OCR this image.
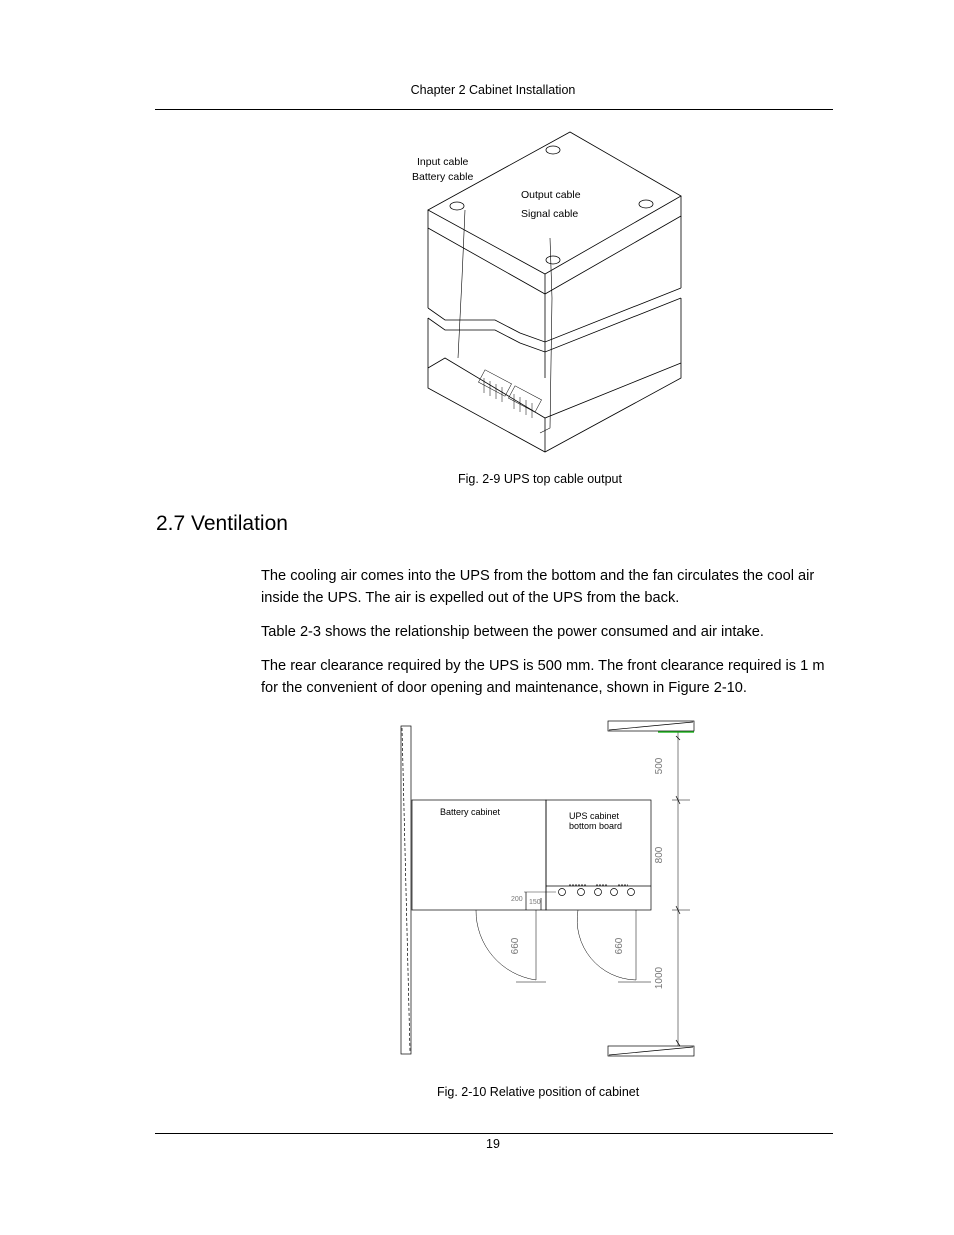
Chapter 2 Cabinet Installation
Input cable
Battery cable
Output cable
Signal cable
Fig. 2-9 UPS top cable output
2.7 Ventilation
The cooling air comes into the UPS from the bottom and the fan circulates the cool air inside the UPS. The air is expelled out of the UPS from the back.
Table 2-3 shows the relationship between the power consumed and air intake.
The rear clearance required by the UPS is 500 mm. The front clearance required is 1 m for the convenient of door opening and maintenance, shown in Figure 2-10.
Battery cabinet	UPS cabinet
bottom board
500
800
1000
660	660
200 150
Fig. 2-10 Relative position of cabinet
19
